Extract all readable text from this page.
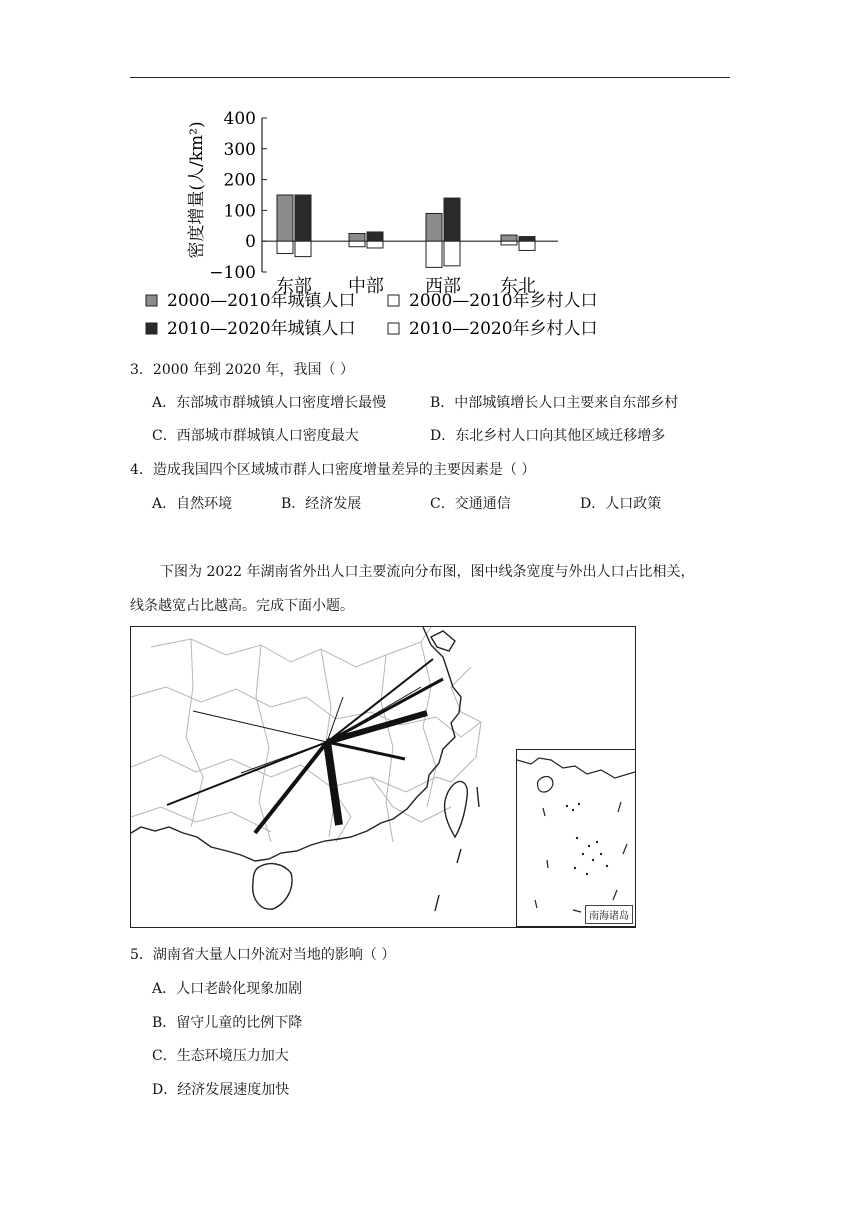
密度增量(人/km²)
400
300
200
100
0
−100
东部 中部 西部 东北
2000—2010年城镇人口	2000—2010年乡村人口
2010—2020年城镇人口	2010—2020年乡村人口
3．2000 年到 2020 年，我国（ ）
A．东部城市群城镇人口密度增长最慢	B．中部城镇增长人口主要来自东部乡村
C．西部城市群城镇人口密度最大	D．东北乡村人口向其他区域迁移增多
4．造成我国四个区域城市群人口密度增量差异的主要因素是（ ）
A．自然环境	B．经济发展	C．交通通信	D．人口政策
下图为 2022 年湖南省外出人口主要流向分布图，图中线条宽度与外出人口占比相关，
线条越宽占比越高。完成下面小题。
南海诸岛
5．湖南省大量人口外流对当地的影响（ ）
A．人口老龄化现象加剧
B．留守儿童的比例下降
C．生态环境压力加大
D．经济发展速度加快
